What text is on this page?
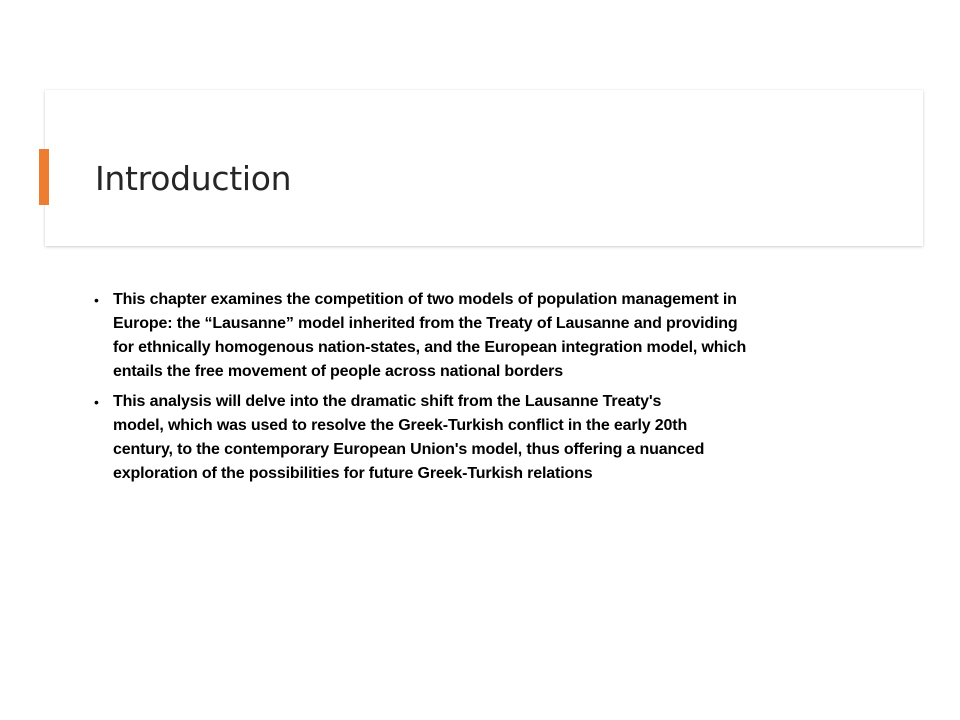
Introduction
• This chapter examines the competition of two models of population management in
Europe: the “Lausanne” model inherited from the Treaty of Lausanne and providing
for ethnically homogenous nation-states, and the European integration model, which
entails the free movement of people across national borders
• This analysis will delve into the dramatic shift from the Lausanne Treaty's
model, which was used to resolve the Greek-Turkish conflict in the early 20th
century, to the contemporary European Union's model, thus offering a nuanced
exploration of the possibilities for future Greek-Turkish relations
